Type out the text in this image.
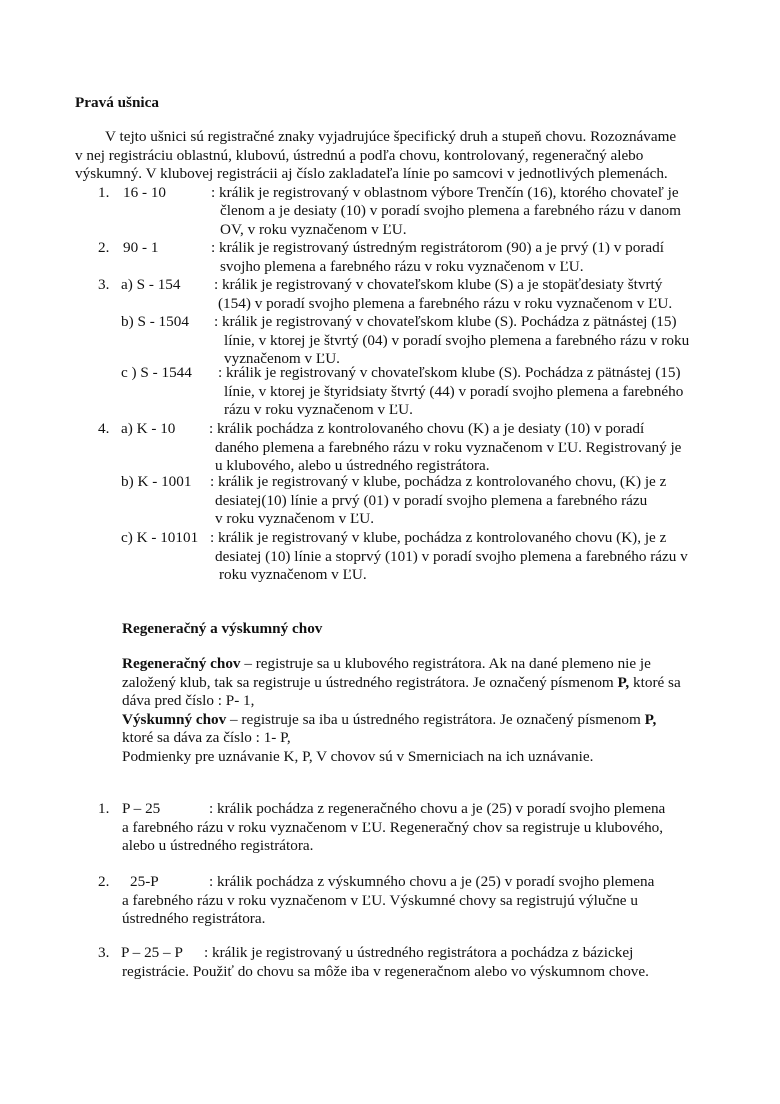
Pravá ušnica
V tejto ušnici sú registračné znaky vyjadrujúce špecifický druh a stupeň chovu. Rozoznávame
v nej registráciu oblastnú, klubovú, ústrednú a podľa chovu, kontrolovaný, regeneračný alebo
výskumný. V klubovej registrácii aj číslo zakladateľa línie po samcovi v jednotlivých plemenách.
1. 16 - 10	: králik je registrovaný v oblastnom výbore Trenčín (16), ktorého chovateľ je
členom a je desiaty (10) v poradí svojho plemena a farebného rázu v danom
OV, v roku vyznačenom v ĽU.
2. 90 - 1	: králik je registrovaný ústredným registrátorom (90) a je prvý (1) v poradí
svojho plemena a farebného rázu v roku vyznačenom v ĽU.
3. a) S - 154 : králik je registrovaný v chovateľskom klube (S) a je stopäťdesiaty štvrtý
(154) v poradí svojho plemena a farebného rázu v roku vyznačenom v ĽU.
b) S - 1504 : králik je registrovaný v chovateľskom klube (S). Pochádza z pätnástej (15)
línie, v ktorej je štvrtý (04) v poradí svojho plemena a farebného rázu v roku
vyznačenom v ĽU.
c ) S - 1544 : králik je registrovaný v chovateľskom klube (S). Pochádza z pätnástej (15)
línie, v ktorej je štyridsiaty štvrtý (44) v poradí svojho plemena a farebného
rázu v roku vyznačenom v ĽU.
4. a) K - 10 : králik pochádza z kontrolovaného chovu (K) a je desiaty (10) v poradí
daného plemena a farebného rázu v roku vyznačenom v ĽU. Registrovaný je
u klubového, alebo u ústredného registrátora.
b) K - 1001 : králik je registrovaný v klube, pochádza z kontrolovaného chovu, (K) je z
desiatej(10) línie a prvý (01) v poradí svojho plemena a farebného rázu
v roku vyznačenom v ĽU.
c) K - 10101 : králik je registrovaný v klube, pochádza z kontrolovaného chovu (K), je z
desiatej (10) línie a stoprvý (101) v poradí svojho plemena a farebného rázu v
roku vyznačenom v ĽU.
Regeneračný a výskumný chov
Regeneračný chov – registruje sa u klubového registrátora. Ak na dané plemeno nie je
založený klub, tak sa registruje u ústredného registrátora. Je označený písmenom P, ktoré sa
dáva pred číslo : P- 1,
Výskumný chov – registruje sa iba u ústredného registrátora. Je označený písmenom P,
ktoré sa dáva za číslo : 1- P,
Podmienky pre uznávanie K, P, V chovov sú v Smerniciach na ich uznávanie.
1. P – 25	: králik pochádza z regeneračného chovu a je (25) v poradí svojho plemena
a farebného rázu v roku vyznačenom v ĽU. Regeneračný chov sa registruje u klubového,
alebo u ústredného registrátora.
2. 25-P	: králik pochádza z výskumného chovu a je (25) v poradí svojho plemena
a farebného rázu v roku vyznačenom v ĽU. Výskumné chovy sa registrujú výlučne u
ústredného registrátora.
3. P – 25 – P : králik je registrovaný u ústredného registrátora a pochádza z bázickej
registrácie. Použiť do chovu sa môže iba v regeneračnom alebo vo výskumnom chove.
